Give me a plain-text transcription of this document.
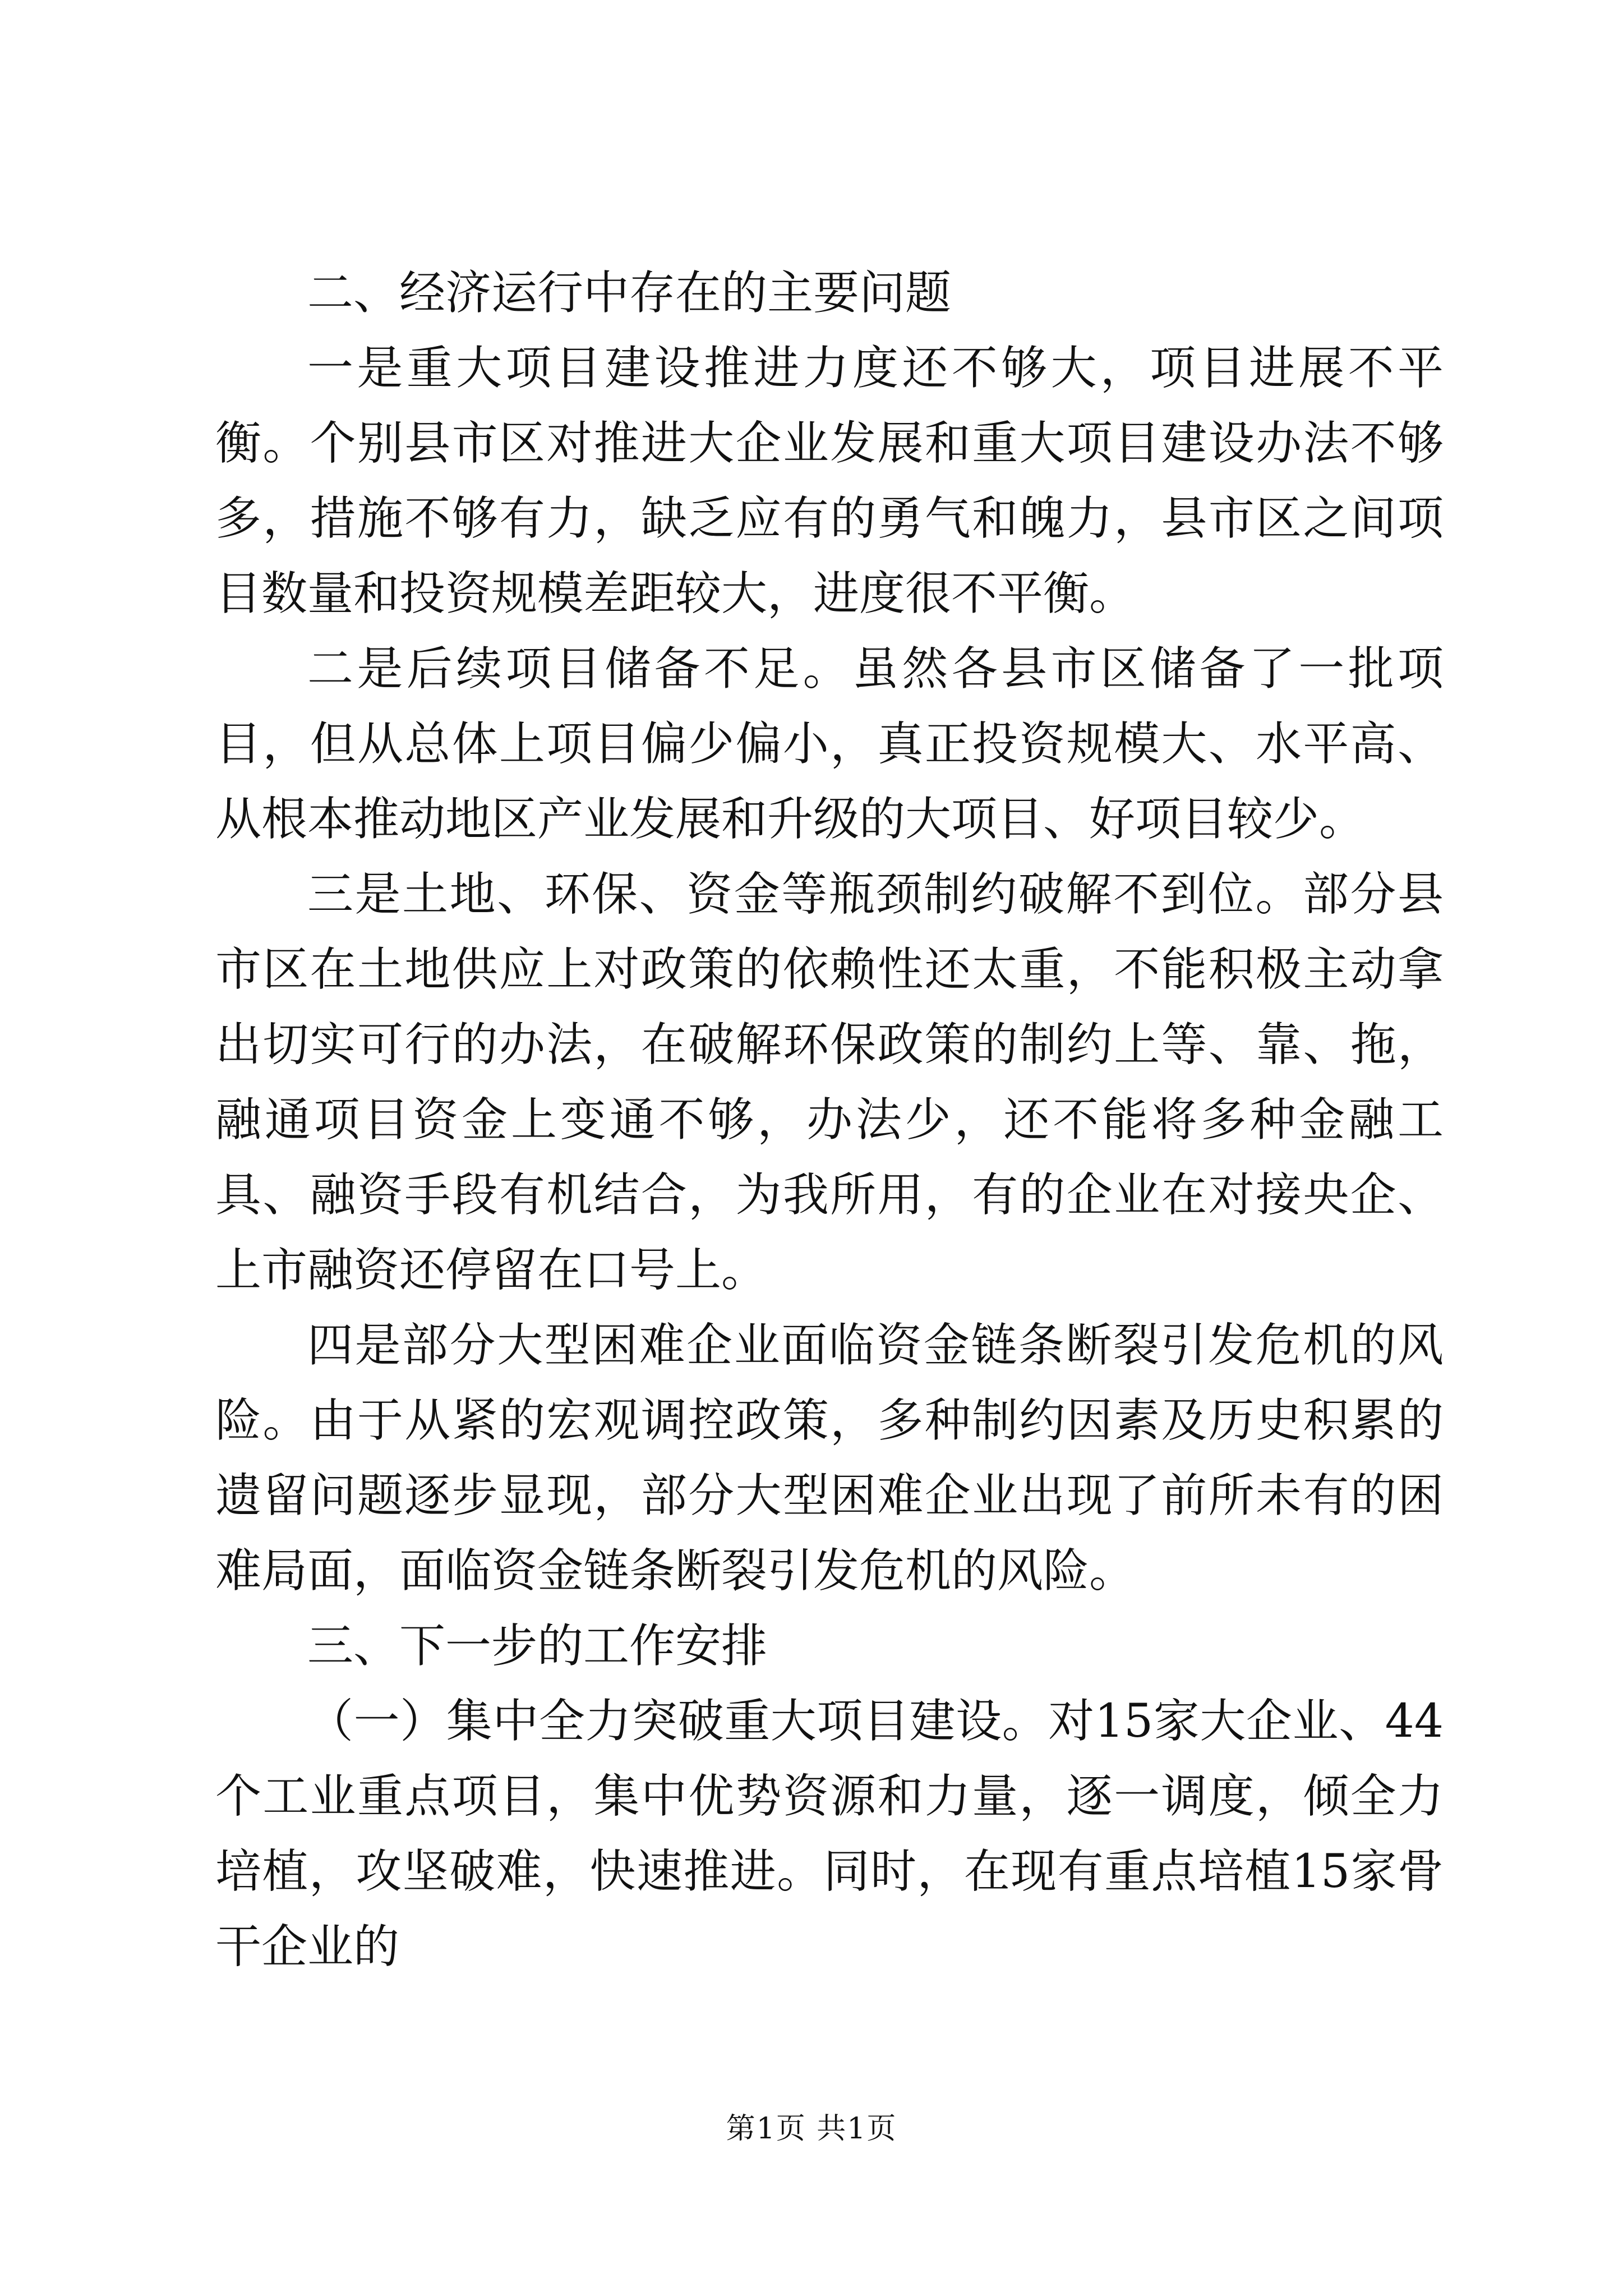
二、经济运行中存在的主要问题

一是重大项目建设推进力度还不够大，项目进展不平衡。个别县市区对推进大企业发展和重大项目建设办法不够多，措施不够有力，缺乏应有的勇气和魄力，县市区之间项目数量和投资规模差距较大，进度很不平衡。

二是后续项目储备不足。虽然各县市区储备了一批项目，但从总体上项目偏少偏小，真正投资规模大、水平高、从根本推动地区产业发展和升级的大项目、好项目较少。

三是土地、环保、资金等瓶颈制约破解不到位。部分县市区在土地供应上对政策的依赖性还太重，不能积极主动拿出切实可行的办法，在破解环保政策的制约上等、靠、拖，融通项目资金上变通不够，办法少，还不能将多种金融工具、融资手段有机结合，为我所用，有的企业在对接央企、上市融资还停留在口号上。

四是部分大型困难企业面临资金链条断裂引发危机的风险。由于从紧的宏观调控政策，多种制约因素及历史积累的遗留问题逐步显现，部分大型困难企业出现了前所未有的困难局面，面临资金链条断裂引发危机的风险。

三、下一步的工作安排

（一）集中全力突破重大项目建设。对15家大企业、44个工业重点项目，集中优势资源和力量，逐一调度，倾全力培植，攻坚破难，快速推进。同时，在现有重点培植15家骨干企业的

第1页 共1页
